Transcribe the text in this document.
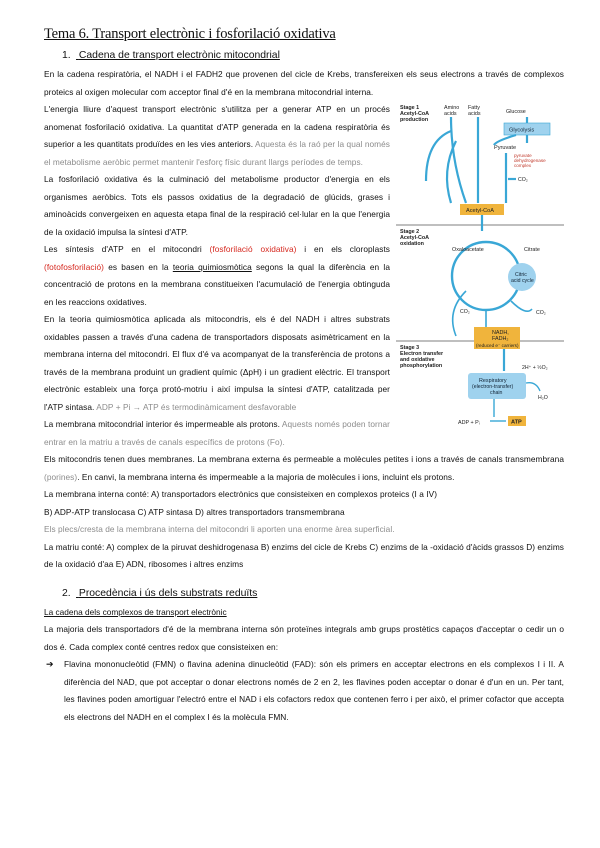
Tema 6. Transport electrònic i fosforilació oxidativa
1. Cadena de transport electrònic mitocondrial

En la cadena respiratòria, el NADH i el FADH2 que provenen del cicle de Krebs, transfereixen els seus electrons a través de complexos proteics al oxigen molecular com acceptor final d'é en la membrana mitocondrial interna.

Stage 1
Acetyl-CoA
production
Stage 2
Acetyl-CoA
oxidation
Stage 3
Electron transfer
and oxidative
phosphorylation
Amino
acids
Fatty
acids	Glucose
Glycolysis
Pyruvate
pyruvate
dehydrogenase
complex
CO₂
Acetyl-CoA
Oxaloacetate	Citrate
Citric
acid cycle
CO₂	CO₂
NADH,
FADH₂
(reduced e⁻ carriers)
2H⁺ + ½O₂
Respiratory
(electron-transfer)
chain
H₂O
ADP + Pᵢ	ATP

L'energia lliure d'aquest transport electrònic s'utilitza per a generar ATP en un procés anomenat fosforilació oxidativa. La quantitat d'ATP generada en la cadena respiratòria és superior a les quantitats produïdes en les vies anteriors. Aquesta és la raó per la qual només el metabolisme aeròbic permet mantenir l'esforç físic durant llargs períodes de temps.

La fosforilació oxidativa és la culminació del metabolisme productor d'energia en els organismes aeròbics. Tots els passos oxidatius de la degradació de glúcids, grases i aminoàcids convergeixen en aquesta etapa final de la respiració cel·lular en la que l'energia de la oxidació impulsa la síntesi d'ATP.

Les síntesis d'ATP en el mitocondri (fosforilació oxidativa) i en els cloroplasts (fotofosforilació) es basen en la teoria quimiosmòtica segons la qual la diferència en la concentració de protons en la membrana constitueixen l'acumulació de l'energia obtinguda en les reaccions oxidatives.

En la teoria quimiosmòtica aplicada als mitocondris, els é del NADH i altres substrats oxidables passen a través d'una cadena de transportadors disposats asimètricament en la membrana interna del mitocondri. El flux d'é va acompanyat de la transferència de protons a través de la membrana produint un gradient químic (ΔpH) i un gradient elèctric. El transport electrònic estableix una força protó-motriu i així impulsa la síntesi d'ATP, catalitzada per l'ATP sintasa. ADP + Pi → ATP és termodinàmicament desfavorable

La membrana mitocondrial interior és impermeable als protons. Aquests només poden tornar entrar en la matriu a través de canals específics de protons (Fo).

Els mitocondris tenen dues membranes. La membrana externa és permeable a molècules petites i ions a través de canals transmembrana (porines). En canvi, la membrana interna és impermeable a la majoria de molècules i ions, incluint els protons.

La membrana interna conté: A) transportadors electrònics que consisteixen en complexos proteics (I a IV)

B) ADP-ATP translocasa C) ATP sintasa D) altres transportadors transmembrana

Els plecs/cresta de la membrana interna del mitocondri li aporten una enorme àrea superficial.

La matriu conté: A) complex de la piruvat deshidrogenasa B) enzims del cicle de Krebs C) enzims de la -oxidació d'àcids grassos D) enzims de la oxidació d'aa E) ADN, ribosomes i altres enzims

2. Procedència i ús dels substrats reduïts
La cadena dels complexos de transport electrònic

La majoria dels transportadors d'é de la membrana interna són proteïnes integrals amb grups prostètics capaços d'acceptar o cedir un o dos é. Cada complex conté centres redox que consisteixen en:

➔	Flavina mononucleòtid (FMN) o flavina adenina dinucleòtid (FAD): són els primers en acceptar electrons en els complexos I i II. A diferència del NAD, que pot acceptar o donar electrons només de 2 en 2, les flavines poden acceptar o donar é d'un en un. Per tant, les flavines poden amortiguar l'electró entre el NAD i els cofactors redox que contenen ferro i per això, el primer cofactor que accepta els electrons del NADH en el complex I és la molècula FMN.
